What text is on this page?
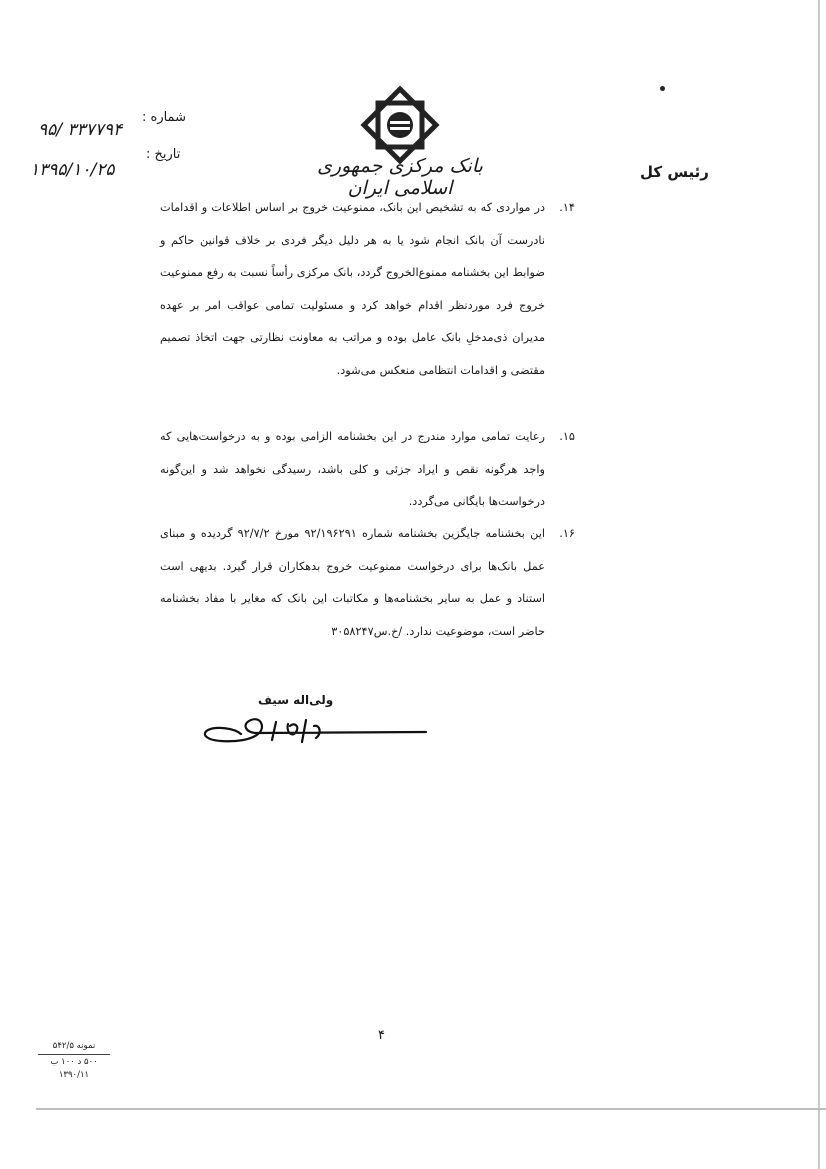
شماره :
۹۵/ ۳۳۷۷۹۴
تاریخ :
۱۳۹۵/۱۰/۲۵	بانک مرکزی جمهوری اسلامی ایران
رئیس کل
۱۴.
در مواردی که به تشخیص این بانک، ممنوعیت خروج بر اساس اطلاعات و اقدامات نادرست آن بانک انجام شود یا به هر دلیل دیگر فردی بر خلاف قوانین حاکم و ضوابط این بخشنامه ممنوع‌الخروج گردد، بانک مرکزی رأساً نسبت به رفع ممنوعیت خروج فرد موردنظر اقدام خواهد کرد و مسئولیت تمامی عواقب امر بر عهده مدیران ذی‌مدخلِ بانک عامل بوده و مراتب به معاونت نظارتی جهت اتخاذ تصمیم مقتضی و اقدامات انتظامی منعکس می‌شود.
۱۵.
رعایت تمامی موارد مندرج در این بخشنامه الزامی بوده و به درخواست‌هایی که واجد هرگونه نقص و ایراد جزئی و کلی باشد، رسیدگی نخواهد شد و این‌گونه درخواست‌ها بایگانی می‌گردد.
۱۶.
این بخشنامه جایگزین بخشنامه شماره ۹۲/۱۹۶۲۹۱ مورخ ۹۲/۷/۲ گردیده و مبنای عمل بانک‌ها برای درخواست ممنوعیت خروج بدهکاران قرار گیرد. بدیهی است استناد و عمل به سایر بخشنامه‌ها و مکاتبات این بانک که مغایر با مفاد بخشنامه حاضر است، موضوعیت ندارد. /خ.س۳۰۵۸۲۴۷
ولی‌اله سیف
۴
نمونه ۵۴۲/۵
۵۰۰ د ۱۰۰ ب
۱۳۹۰/۱۱
